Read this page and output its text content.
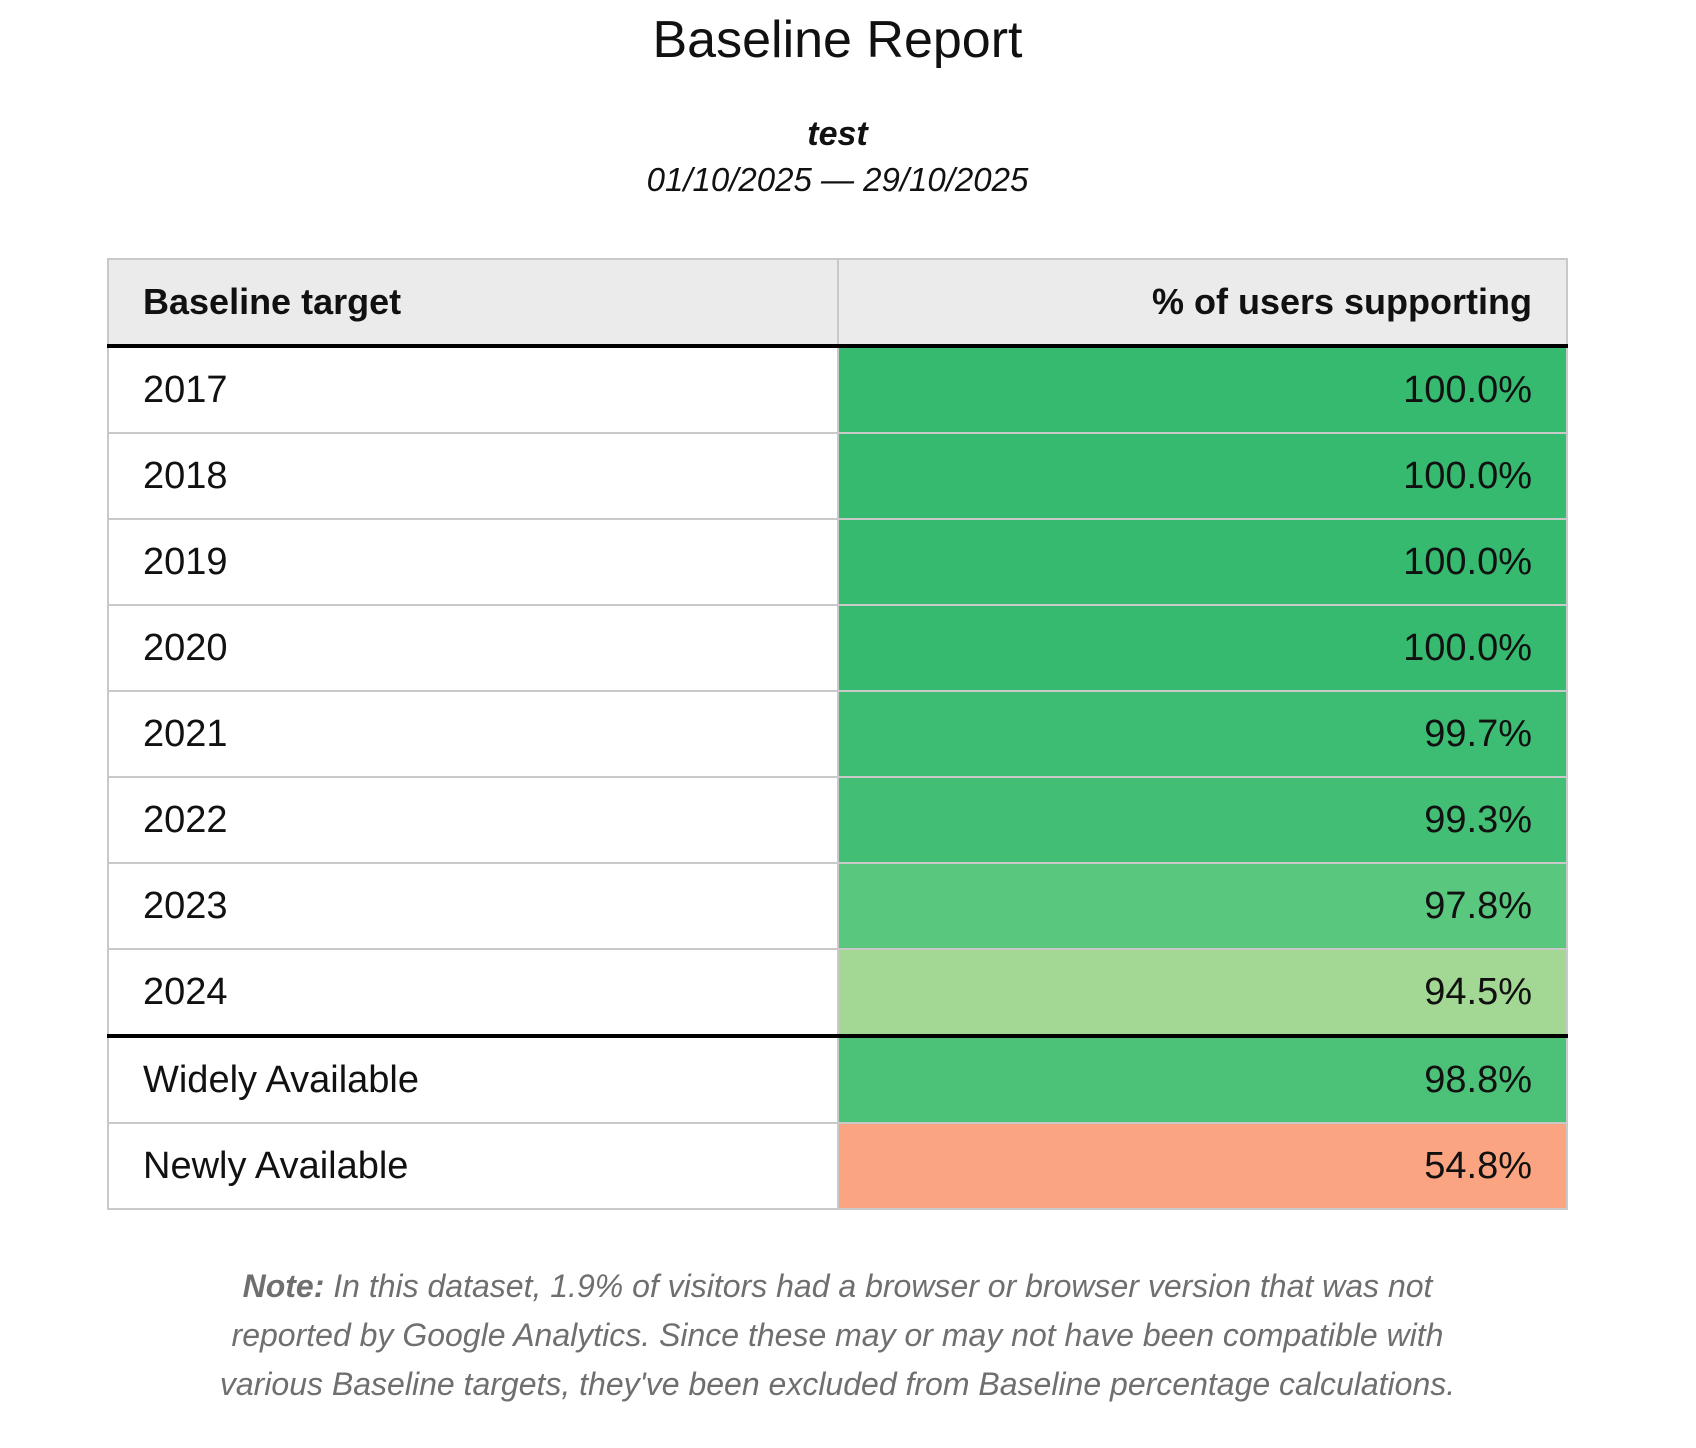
Baseline Report
test
01/10/2025 — 29/10/2025
Baseline target	% of users supporting
2017	100.0%
2018	100.0%
2019	100.0%
2020	100.0%
2021	99.7%
2022	99.3%
2023	97.8%
2024	94.5%
Widely Available	98.8%
Newly Available	54.8%

Note: In this dataset, 1.9% of visitors had a browser or browser version that was not reported by Google Analytics. Since these may or may not have been compatible with various Baseline targets, they've been excluded from Baseline percentage calculations.
